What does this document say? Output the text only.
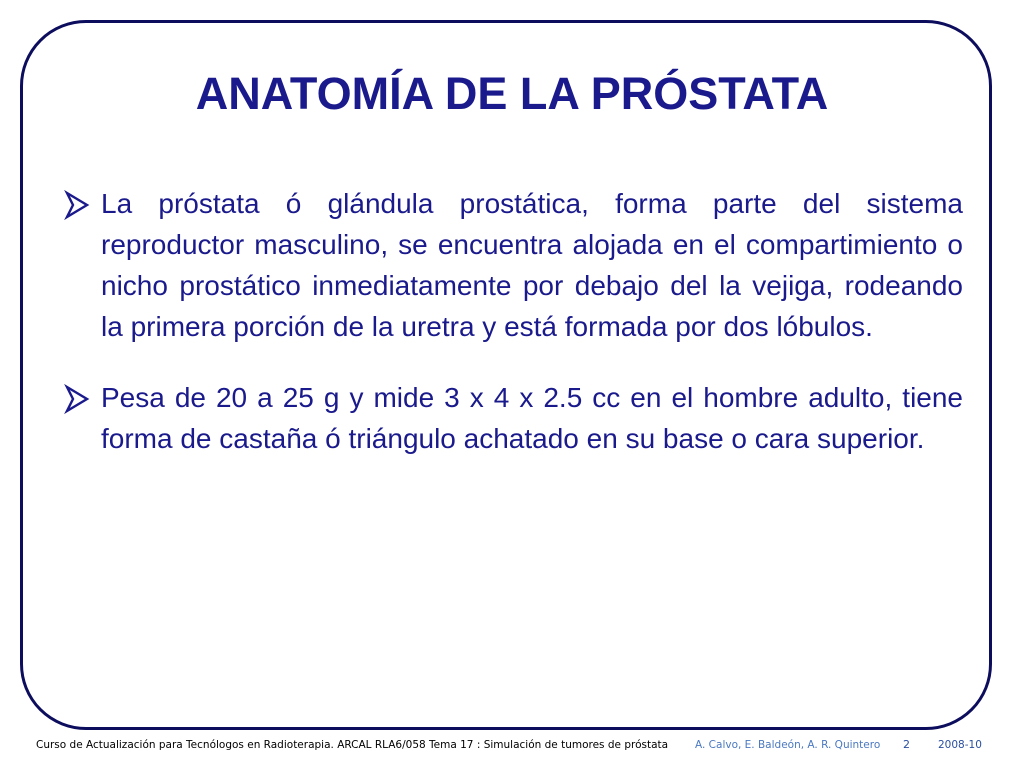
ANATOMÍA DE LA PRÓSTATA

La próstata ó glándula prostática, forma parte del sistema reproductor masculino, se encuentra alojada en el compartimiento o nicho prostático inmediatamente por debajo del la vejiga, rodeando la primera porción de la uretra y está formada por dos lóbulos.

Pesa de 20 a 25 g y mide 3 x 4 x 2.5 cc en el hombre adulto, tiene forma de castaña ó triángulo achatado en su base o cara superior.

Curso de Actualización para Tecnólogos en Radioterapia. ARCAL RLA6/058 Tema 17 : Simulación de tumores de próstata	A. Calvo, E. Baldeón, A. R. Quintero 2	2008-10
